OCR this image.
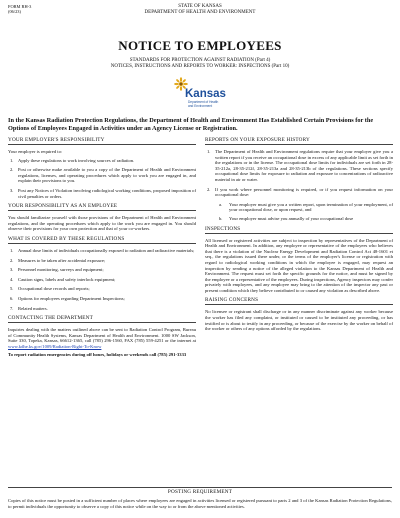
FORM RH-3
(06/23)
STATE OF KANSAS
DEPARTMENT OF HEALTH AND ENVIRONMENT
NOTICE TO EMPLOYEES
STANDARDS FOR PROTECTION AGAINST RADIATION (Part 4)
NOTICES, INSTRUCTIONS AND REPORTS TO WORKER: INSPECTIONS (Part 10)
Kansas
Department of Health
and Environment
In the Kansas Radiation Protection Regulations, the Department of Health and Environment Has Established Certain Provisions for the Options of Employees Engaged in Activities under an Agency License or Registration.
YOUR EMPLOYER'S RESPONSIBILITY
Your employer is required to:
1. Apply these regulations to work involving sources of radiation.
2. Post or otherwise make available to you a copy of the Department of Health and Environment regulations, licenses, and operating procedures which apply to work you are engaged in, and explain their provisions to you.
3. Post any Notices of Violation involving radiological working conditions, proposed imposition of civil penalties or orders.
YOUR RESPONSIBILITY AS AN EMPLOYEE
You should familiarize yourself with those provisions of the Department of Health and Environment regulations, and the operating procedures which apply to the work you are engaged in. You should observe their provisions for your own protection and that of your co-workers.
WHAT IS COVERED BY THESE REGULATIONS
1. Annual dose limits of individuals occupationally exposed to radiation and radioactive materials;
2. Measures to be taken after accidental exposure;
3. Personnel monitoring, surveys and equipment;
4. Caution signs, labels and safety interlock equipment;
5. Occupational dose records and reports;
6. Options for employees regarding Department Inspections;
7. Related matters.
CONTACTING THE DEPARTMENT
Inquiries dealing with the matters outlined above can be sent to Radiation Control Program, Bureau of Community Health Systems, Kansas Department of Health and Environment. 1000 SW Jackson, Suite 330, Topeka, Kansas, 66612-1365, call (785) 296-1560, FAX (785) 559-4251 or the internet at www.kdhe.ks.gov/1009/Radiation-Right-To-Know
To report radiation emergencies during off hours, holidays or weekends call (785) 291-3333
REPORTS ON YOUR EXPOSURE HISTORY
1. The Department of Health and Environment regulations require that your employer give you a written report if you receive an occupational dose in excess of any applicable limit as set forth in the regulations or in the license. The occupational dose limits for individuals are set forth in 28-35-212a, 28-35-212f, 28-35-213a and 28-35-213b of the regulations. These sections specify occupational dose limits for exposure to radiation and exposure to concentrations of radioactive material in air or water.
2. If you work where personnel monitoring is required, or if you request information on your occupational dose:
a.	Your employer must give you a written report, upon termination of your employment, of your occupational dose, or upon request, and
b.	Your employer must advise you annually of your occupational dose
INSPECTIONS
All licensed or registered activities are subject to inspection by representatives of the Department of Health and Environment. In addition, any employee or representative of the employees who believes that there is a violation of the Nuclear Energy Development and Radiation Control Act 48-1601 et seq., the regulations issued there under, or the terms of the employer's license or registration with regard to radiological working conditions in which the employee is engaged, may request an inspection by sending a notice of the alleged violation to the Kansas Department of Health and Environment. The request must set forth the specific grounds for the notice, and must be signed by the employee or a representative of the employees. During inspections, Agency inspectors may confer privately with employees, and any employee may bring to the attention of the inspector any past or present condition which they believe contributed to or caused any violation as described above.
RAISING CONCERNS
No licensee or registrant shall discharge or in any manner discriminate against any worker because the worker has filed any complaint, or instituted or caused to be instituted any proceeding, or has testified or is about to testify in any proceeding, or because of the exercise by the worker on behalf of the worker or others of any options afforded by the regulations.
POSTING REQUIREMENT
Copies of this notice must be posted in a sufficient number of places where employees are engaged in activities licensed or registered pursuant to parts 2 and 3 of the Kansas Radiation Protection Regulations, to permit individuals the opportunity to observe a copy of this notice while on the way to or from the above mentioned activities.
